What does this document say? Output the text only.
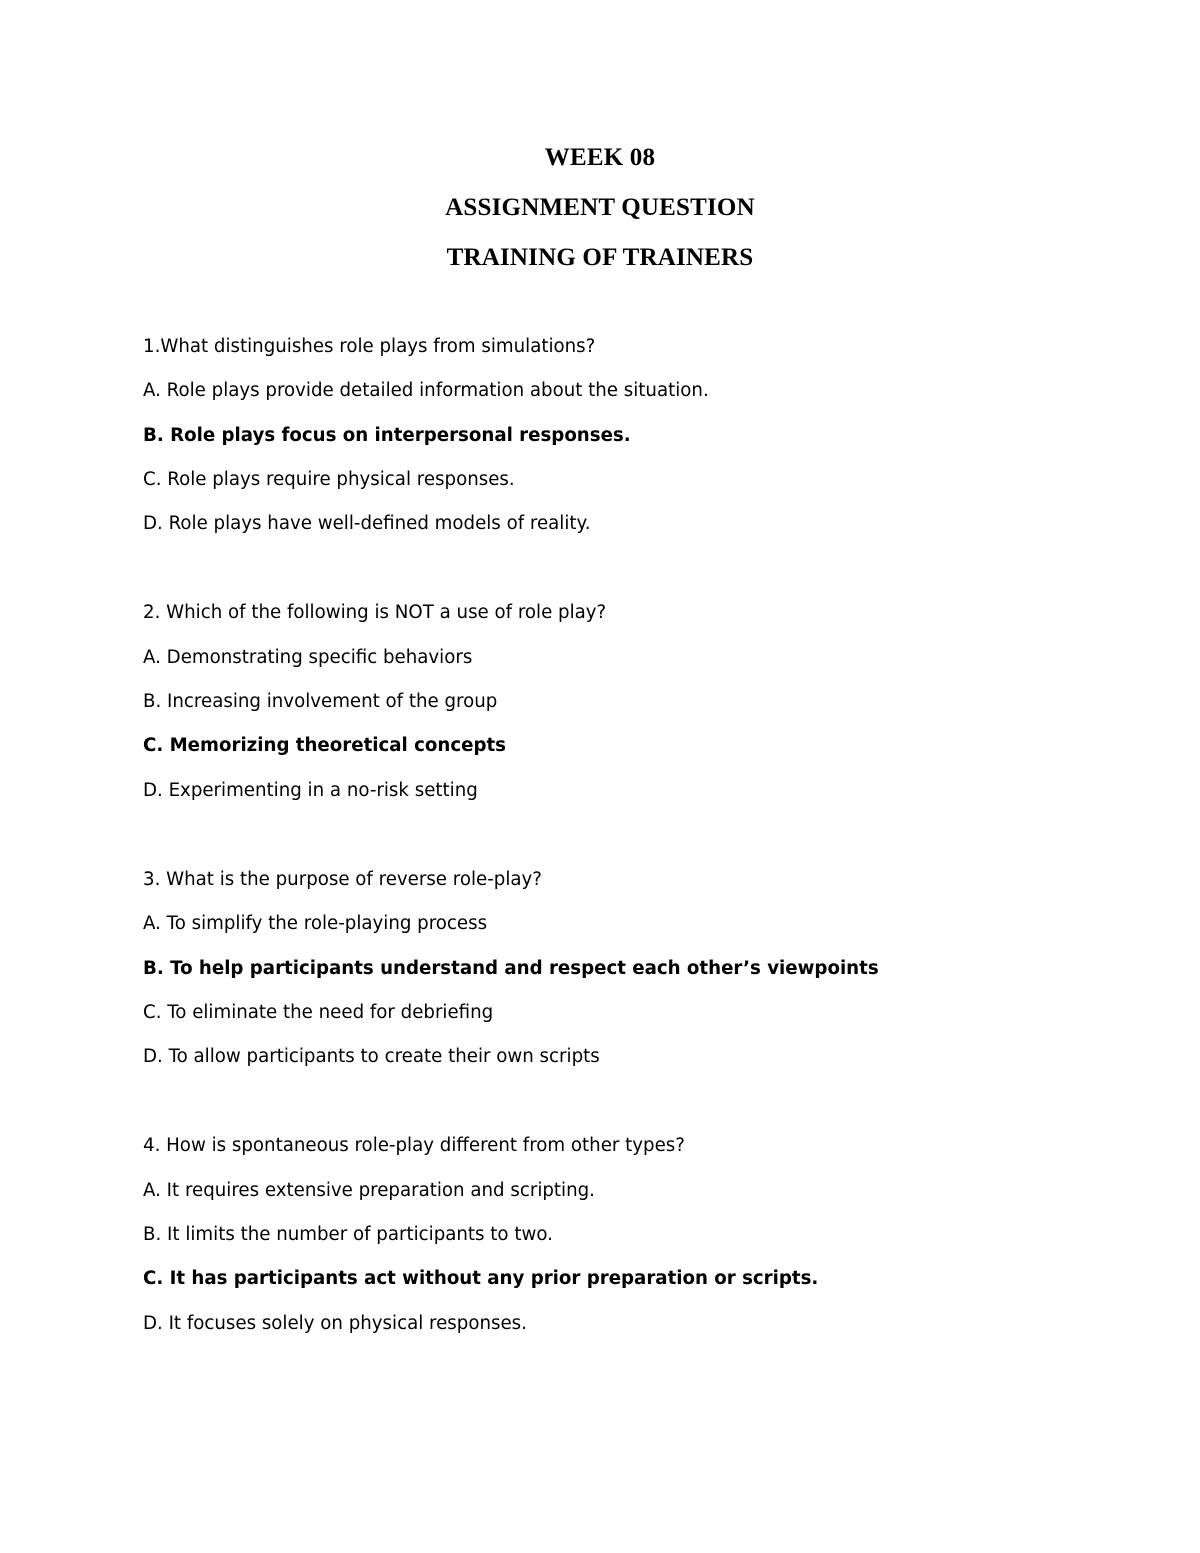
WEEK 08
ASSIGNMENT QUESTION
TRAINING OF TRAINERS
1.What distinguishes role plays from simulations?
A. Role plays provide detailed information about the situation.
B. Role plays focus on interpersonal responses.
C. Role plays require physical responses.
D. Role plays have well-defined models of reality.
2. Which of the following is NOT a use of role play?
A. Demonstrating specific behaviors
B. Increasing involvement of the group
C. Memorizing theoretical concepts
D. Experimenting in a no-risk setting
3. What is the purpose of reverse role-play?
A. To simplify the role-playing process
B. To help participants understand and respect each other’s viewpoints
C. To eliminate the need for debriefing
D. To allow participants to create their own scripts
4. How is spontaneous role-play different from other types?
A. It requires extensive preparation and scripting.
B. It limits the number of participants to two.
C. It has participants act without any prior preparation or scripts.
D. It focuses solely on physical responses.
